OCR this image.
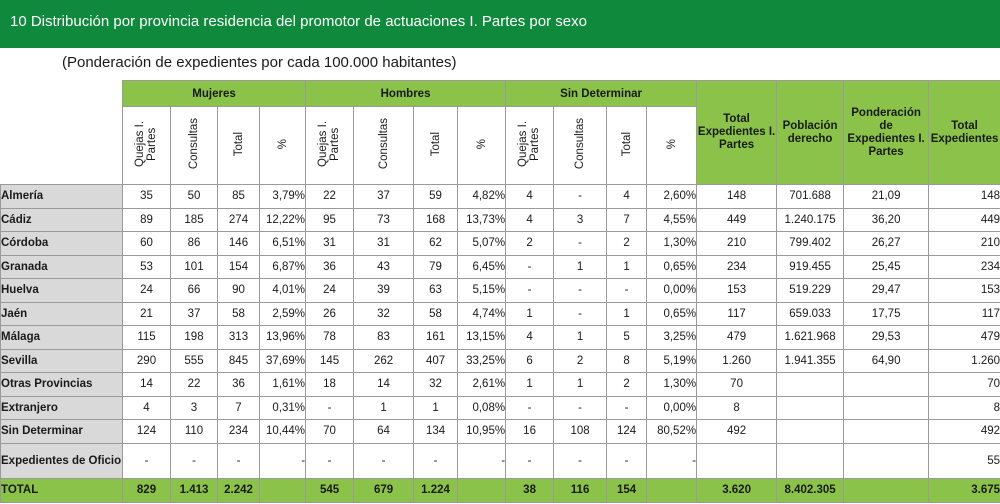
10 Distribución por provincia residencia del promotor de actuaciones I. Partes por sexo
(Ponderación de expedientes por cada 100.000 habitantes)
	Mujeres				Hombres				Sin Determinar				Total Expedientes I. Partes	Población derecho	Ponderación de Expedientes I. Partes	Total Expedientes
	Quejas I. Partes	Consultas	Total	%	Quejas I. Partes	Consultas	Total	%	Quejas I. Partes	Consultas	Total	%				
Almería	35	50	85	3,79%	22	37	59	4,82%	4	-	4	2,60%	148	701.688	21,09	148
Cádiz	89	185	274	12,22%	95	73	168	13,73%	4	3	7	4,55%	449	1.240.175	36,20	449
Córdoba	60	86	146	6,51%	31	31	62	5,07%	2	-	2	1,30%	210	799.402	26,27	210
Granada	53	101	154	6,87%	36	43	79	6,45%	-	1	1	0,65%	234	919.455	25,45	234
Huelva	24	66	90	4,01%	24	39	63	5,15%	-	-	-	0,00%	153	519.229	29,47	153
Jaén	21	37	58	2,59%	26	32	58	4,74%	1	-	1	0,65%	117	659.033	17,75	117
Málaga	115	198	313	13,96%	78	83	161	13,15%	4	1	5	3,25%	479	1.621.968	29,53	479
Sevilla	290	555	845	37,69%	145	262	407	33,25%	6	2	8	5,19%	1.260	1.941.355	64,90	1.260
Otras Provincias	14	22	36	1,61%	18	14	32	2,61%	1	1	2	1,30%	70			70
Extranjero	4	3	7	0,31%	-	1	1	0,08%	-	-	-	0,00%	8			8
Sin Determinar	124	110	234	10,44%	70	64	134	10,95%	16	108	124	80,52%	492			492
Expedientes de Oficio	-	-	-	-	-	-	-	-	-	-	-	-				55
TOTAL	829	1.413	2.242		545	679	1.224		38	116	154		3.620	8.402.305		3.675
